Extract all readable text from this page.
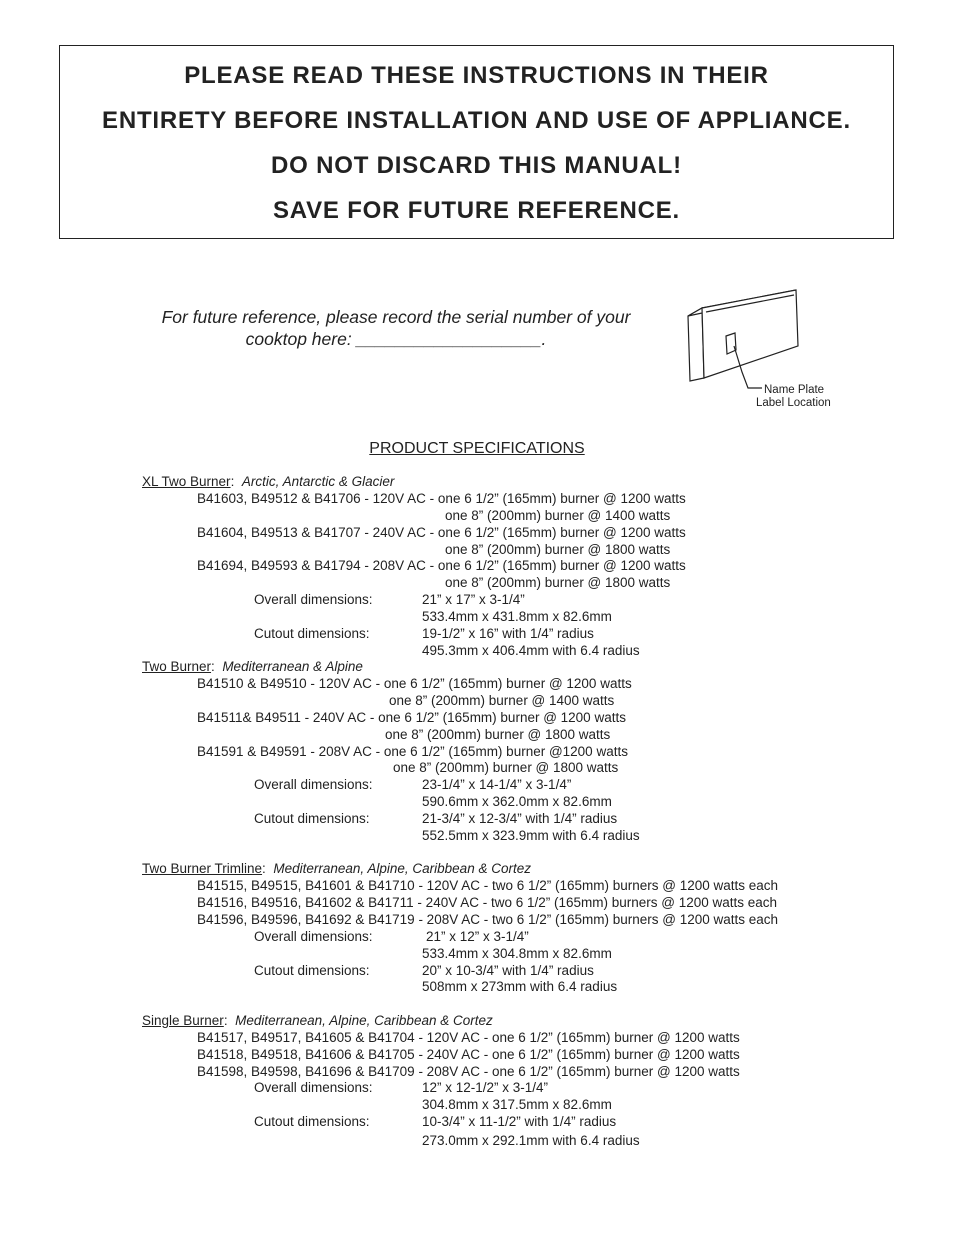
PLEASE READ THESE INSTRUCTIONS IN THEIR
ENTIRETY BEFORE INSTALLATION AND USE OF APPLIANCE.
DO NOT DISCARD THIS MANUAL!
SAVE FOR FUTURE REFERENCE.
For future reference, please record the serial number of your
cooktop here: ___________________.
Name Plate
Label Location
PRODUCT SPECIFICATIONS
XL Two Burner: Arctic, Antarctic & Glacier
B41603, B49512 & B41706 - 120V AC - one 6 1/2” (165mm) burner @ 1200 watts
one 8” (200mm) burner @ 1400 watts
B41604, B49513 & B41707 - 240V AC - one 6 1/2” (165mm) burner @ 1200 watts
one 8” (200mm) burner @ 1800 watts
B41694, B49593 & B41794 - 208V AC - one 6 1/2” (165mm) burner @ 1200 watts
one 8” (200mm) burner @ 1800 watts
Overall dimensions:	21” x 17” x 3-1/4”
533.4mm x 431.8mm x 82.6mm
Cutout dimensions:	19-1/2” x 16” with 1/4” radius
495.3mm x 406.4mm with 6.4 radius
Two Burner: Mediterranean & Alpine
B41510 & B49510 - 120V AC - one 6 1/2” (165mm) burner @ 1200 watts
one 8” (200mm) burner @ 1400 watts
B41511& B49511 - 240V AC - one 6 1/2” (165mm) burner @ 1200 watts
one 8” (200mm) burner @ 1800 watts
B41591 & B49591 - 208V AC - one 6 1/2” (165mm) burner @1200 watts
one 8” (200mm) burner @ 1800 watts
Overall dimensions:	23-1/4” x 14-1/4” x 3-1/4”
590.6mm x 362.0mm x 82.6mm
Cutout dimensions:	21-3/4” x 12-3/4” with 1/4” radius
552.5mm x 323.9mm with 6.4 radius
Two Burner Trimline: Mediterranean, Alpine, Caribbean & Cortez
B41515, B49515, B41601 & B41710 - 120V AC - two 6 1/2” (165mm) burners @ 1200 watts each
B41516, B49516, B41602 & B41711 - 240V AC - two 6 1/2” (165mm) burners @ 1200 watts each
B41596, B49596, B41692 & B41719 - 208V AC - two 6 1/2” (165mm) burners @ 1200 watts each
Overall dimensions:	21” x 12” x 3-1/4”
533.4mm x 304.8mm x 82.6mm
Cutout dimensions:	20” x 10-3/4” with 1/4” radius
508mm x 273mm with 6.4 radius
Single Burner: Mediterranean, Alpine, Caribbean & Cortez
B41517, B49517, B41605 & B41704 - 120V AC - one 6 1/2” (165mm) burner @ 1200 watts
B41518, B49518, B41606 & B41705 - 240V AC - one 6 1/2” (165mm) burner @ 1200 watts
B41598, B49598, B41696 & B41709 - 208V AC - one 6 1/2” (165mm) burner @ 1200 watts
Overall dimensions:	12” x 12-1/2” x 3-1/4”
304.8mm x 317.5mm x 82.6mm
Cutout dimensions:	10-3/4” x 11-1/2” with 1/4” radius
273.0mm x 292.1mm with 6.4 radius
